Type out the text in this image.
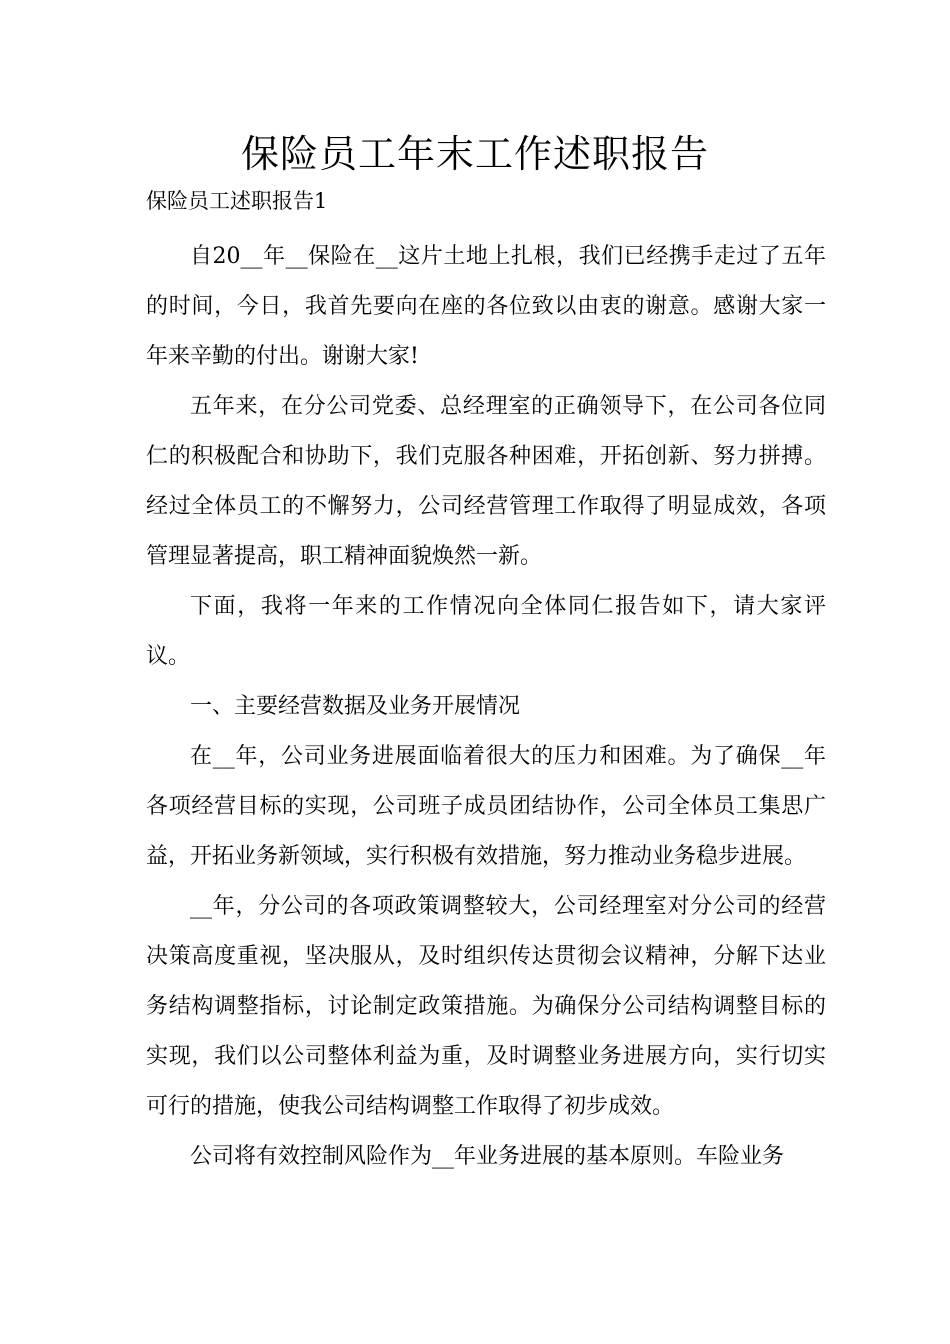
保险员工年末工作述职报告
保险员工述职报告1

自20__年__保险在__这片土地上扎根，我们已经携手走过了五年的时间，今日，我首先要向在座的各位致以由衷的谢意。感谢大家一年来辛勤的付出。谢谢大家!

五年来，在分公司党委、总经理室的正确领导下，在公司各位同仁的积极配合和协助下，我们克服各种困难，开拓创新、努力拼搏。经过全体员工的不懈努力，公司经营管理工作取得了明显成效，各项管理显著提高，职工精神面貌焕然一新。

下面，我将一年来的工作情况向全体同仁报告如下，请大家评议。

一、主要经营数据及业务开展情况

在__年，公司业务进展面临着很大的压力和困难。为了确保__年各项经营目标的实现，公司班子成员团结协作，公司全体员工集思广益，开拓业务新领域，实行积极有效措施，努力推动业务稳步进展。

__年，分公司的各项政策调整较大，公司经理室对分公司的经营决策高度重视，坚决服从，及时组织传达贯彻会议精神，分解下达业务结构调整指标，讨论制定政策措施。为确保分公司结构调整目标的实现，我们以公司整体利益为重，及时调整业务进展方向，实行切实可行的措施，使我公司结构调整工作取得了初步成效。

公司将有效控制风险作为__年业务进展的基本原则。车险业务
